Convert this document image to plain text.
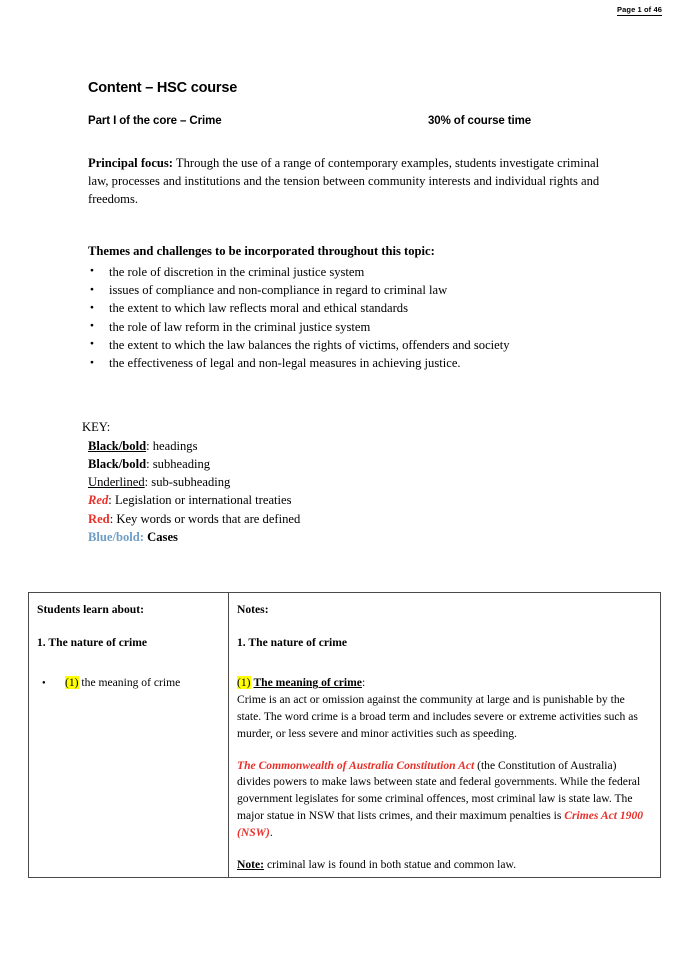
Page 1 of 46
Content – HSC course
Part I of the core – Crime	30% of course time

Principal focus: Through the use of a range of contemporary examples, students investigate criminal law, processes and institutions and the tension between community interests and individual rights and freedoms.

Themes and challenges to be incorporated throughout this topic:
● the role of discretion in the criminal justice system
● issues of compliance and non-compliance in regard to criminal law
● the extent to which law reflects moral and ethical standards
● the role of law reform in the criminal justice system
● the extent to which the law balances the rights of victims, offenders and society
● the effectiveness of legal and non-legal measures in achieving justice.
KEY:
Black/bold: headings
Black/bold: subheading
Underlined: sub-subheading
Red: Legislation or international treaties
Red: Key words or words that are defined
Blue/bold: Cases
Students learn about:
1. The nature of crime
● (1) the meaning of crime
Notes:
1. The nature of crime
(1) The meaning of crime:

Crime is an act or omission against the community at large and is punishable by the state. The word crime is a broad term and includes severe or extreme activities such as murder, or less severe and minor activities such as speeding.

The Commonwealth of Australia Constitution Act (the Constitution of Australia) divides powers to make laws between state and federal governments. While the federal government legislates for some criminal offences, most criminal law is state law. The major statue in NSW that lists crimes, and their maximum penalties is Crimes Act 1900 (NSW).

Note: criminal law is found in both statue and common law.
